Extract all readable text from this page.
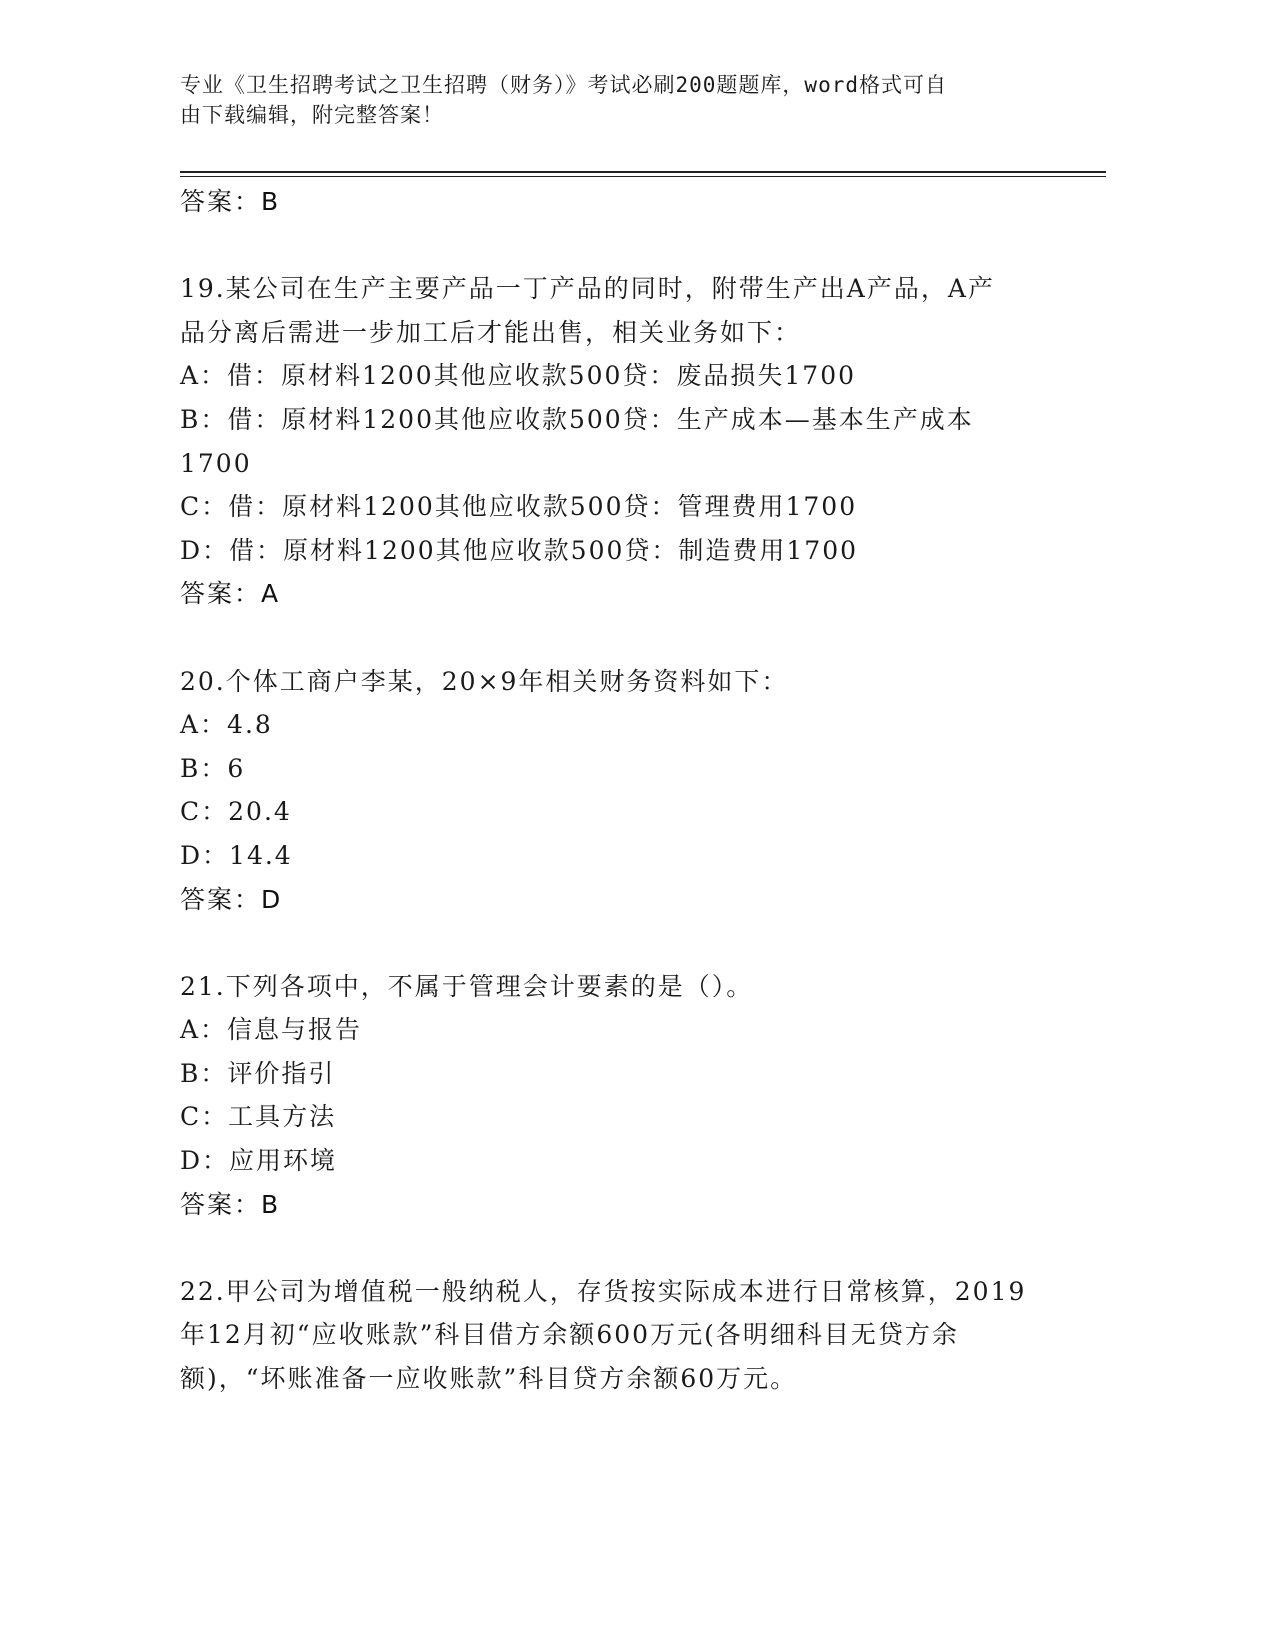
专业《卫生招聘考试之卫生招聘（财务）》考试必刷200题题库，word格式可自
由下载编辑，附完整答案！
答案：B
19.某公司在生产主要产品一丁产品的同时，附带生产出A产品，A产
品分离后需进一步加工后才能出售，相关业务如下：
A：借：原材料1200其他应收款500贷：废品损失1700
B：借：原材料1200其他应收款500贷：生产成本—基本生产成本
1700
C：借：原材料1200其他应收款500贷：管理费用1700
D：借：原材料1200其他应收款500贷：制造费用1700
答案：A
20.个体工商户李某，20×9年相关财务资料如下：
A：4.8
B：6
C：20.4
D：14.4
答案：D
21.下列各项中，不属于管理会计要素的是（）。
A：信息与报告
B：评价指引
C：工具方法
D：应用环境
答案：B
22.甲公司为增值税一般纳税人，存货按实际成本进行日常核算，2019
年12月初“应收账款”科目借方余额600万元(各明细科目无贷方余
额)，“坏账准备一应收账款”科目贷方余额60万元。
